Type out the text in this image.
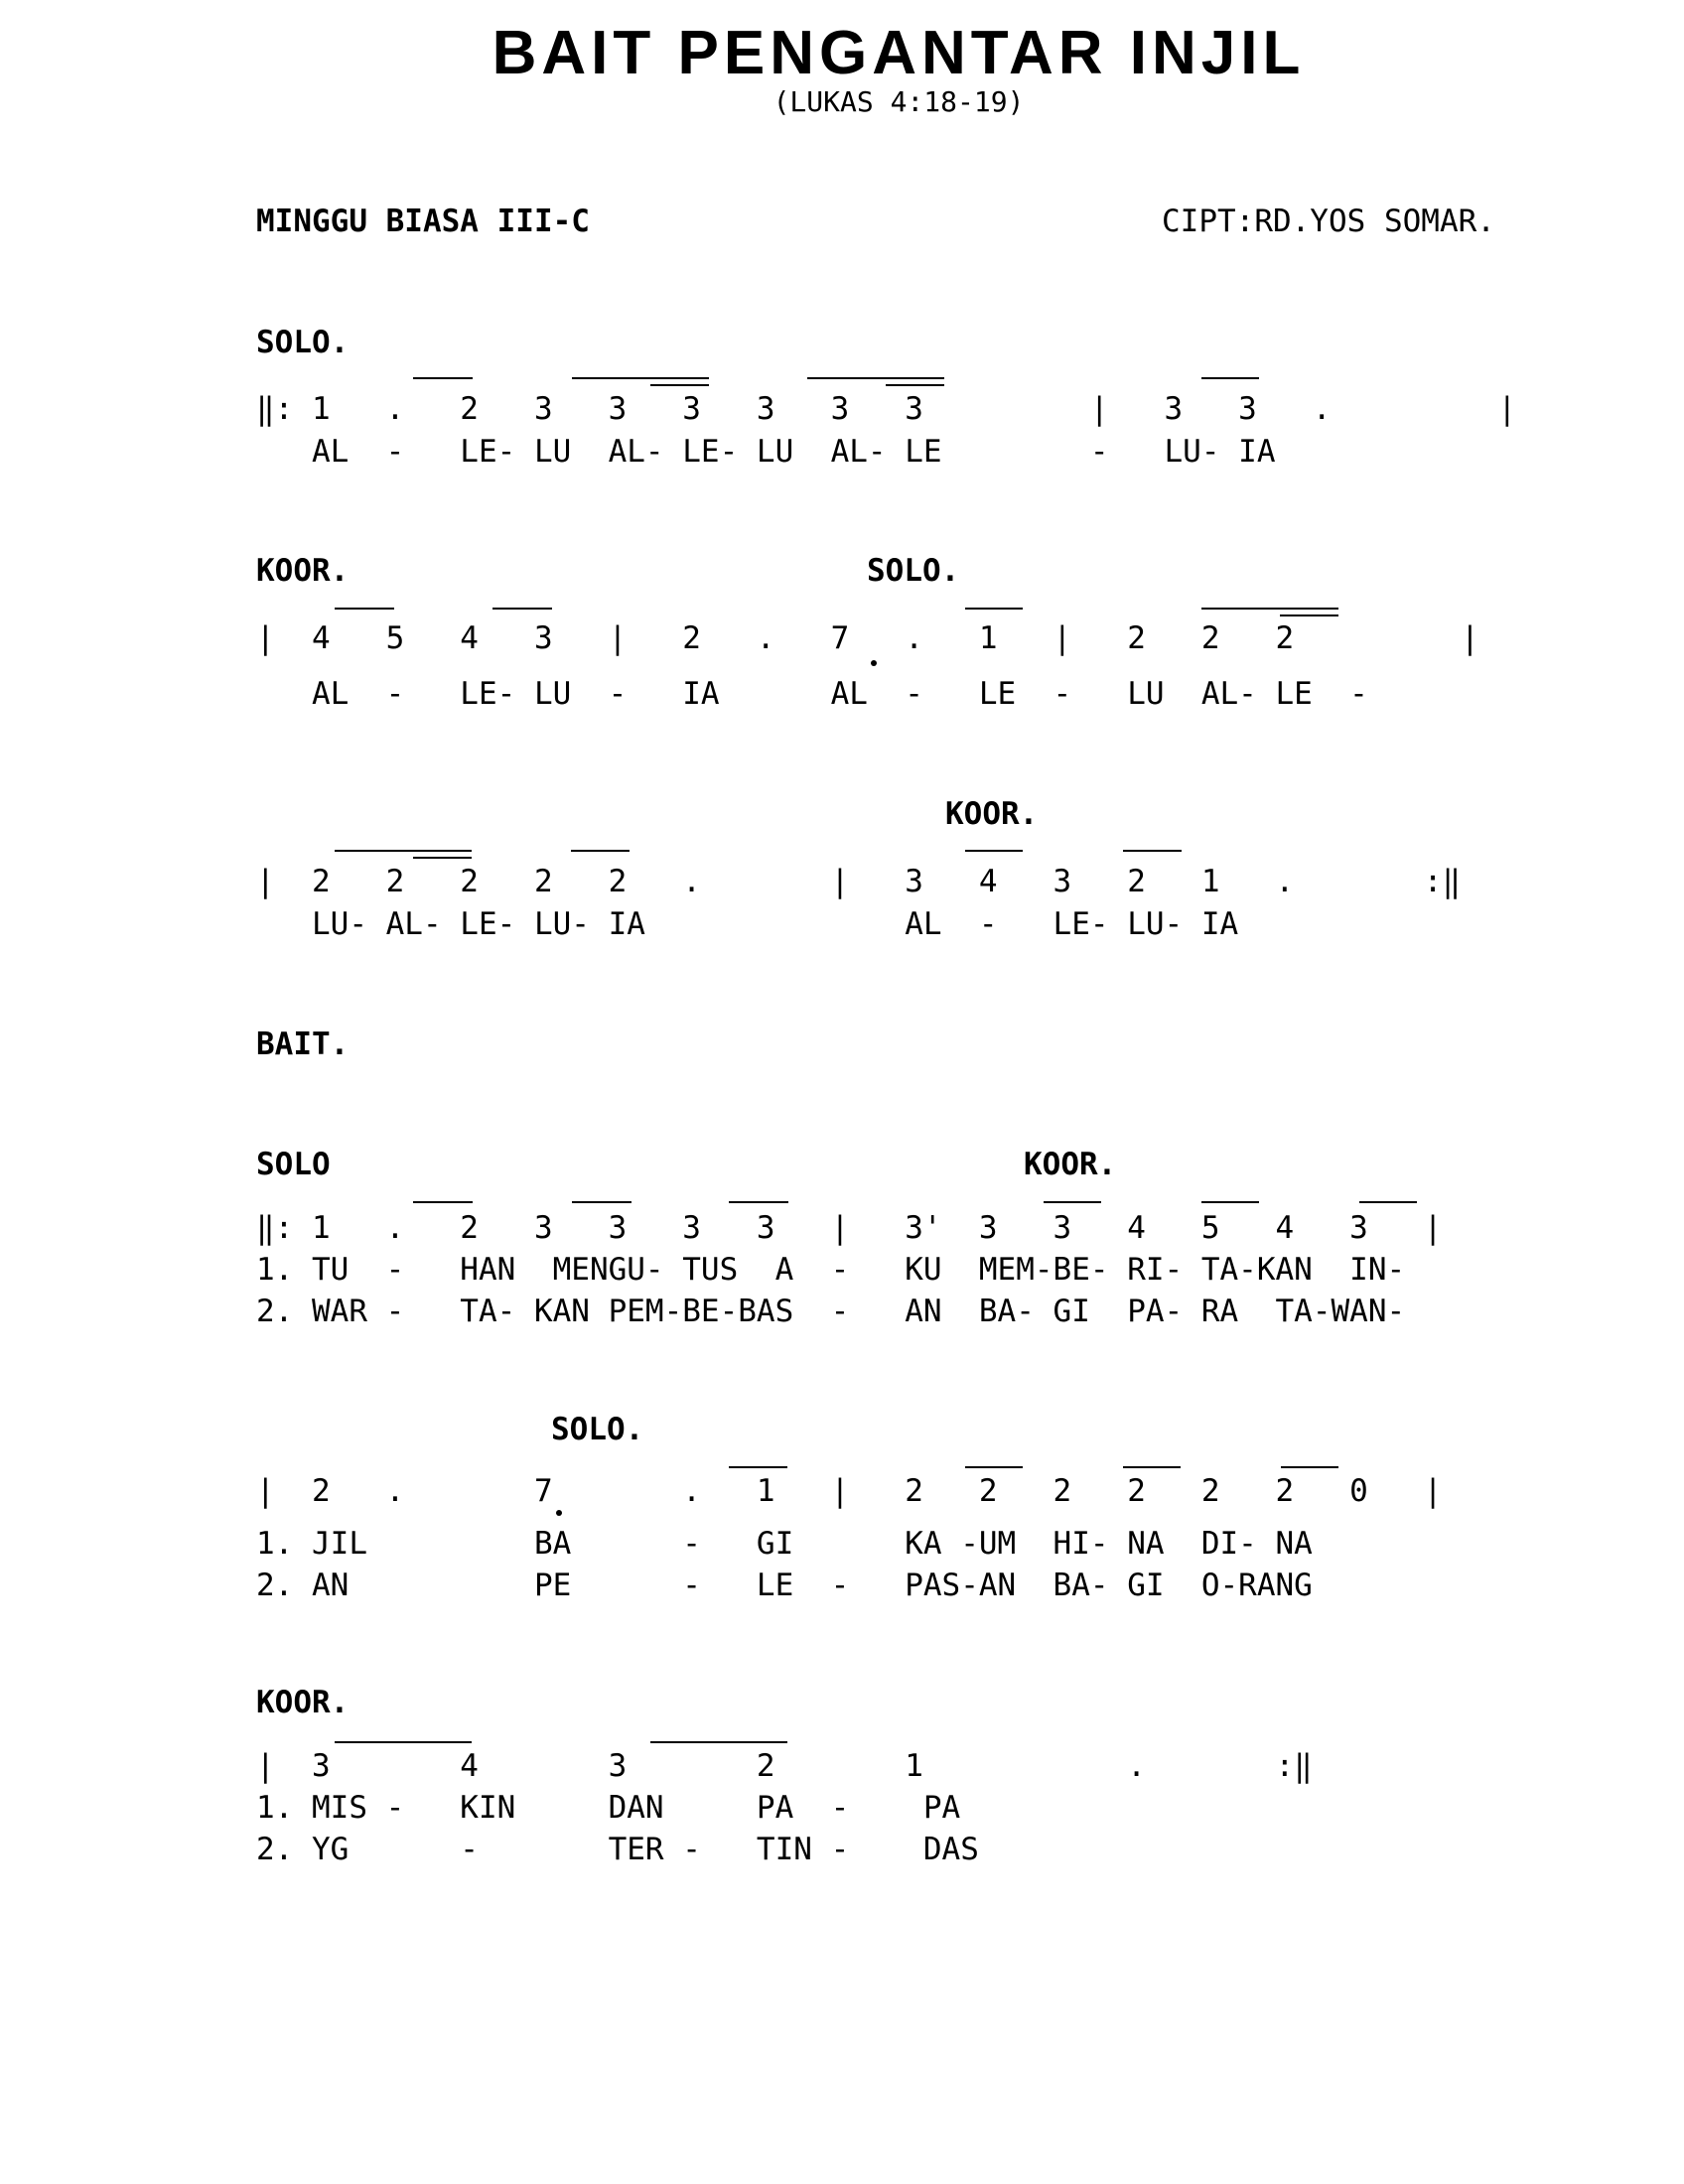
BAIT PENGANTAR INJIL
(LUKAS 4:18-19)
MINGGU BIASA III-C	CIPT:RD.YOS SOMAR.
SOLO.
‖: 1   .   2   3   3   3   3   3   3         |   3   3   .         |
AL  -   LE- LU  AL- LE- LU  AL- LE        -   LU- IA
KOOR.	SOLO.
|  4   5   4   3   |   2   .   7   .   1   |   2   2   2         |
AL  -   LE- LU  -   IA      AL  -   LE  -   LU  AL- LE  -
KOOR.
|  2   2   2   2   2   .       |   3   4   3   2   1   .       :‖
LU- AL- LE- LU- IA              AL  -   LE- LU- IA
BAIT.
SOLO	KOOR.
‖: 1   .   2   3   3   3   3   |   3'  3   3   4   5   4   3   |
1. TU  -   HAN  MENGU- TUS  A  -   KU  MEM-BE- RI- TA-KAN  IN-
2. WAR -   TA- KAN PEM-BE-BAS  -   AN  BA- GI  PA- RA  TA-WAN-
SOLO.
|  2   .       7       .   1   |   2   2   2   2   2   2   0   |
1. JIL         BA      -   GI      KA -UM  HI- NA  DI- NA
2. AN          PE      -   LE  -   PAS-AN  BA- GI  O-RANG
KOOR.
|  3       4       3       2       1           .       :‖
1. MIS -   KIN     DAN     PA  -    PA
2. YG      -       TER -   TIN -    DAS
